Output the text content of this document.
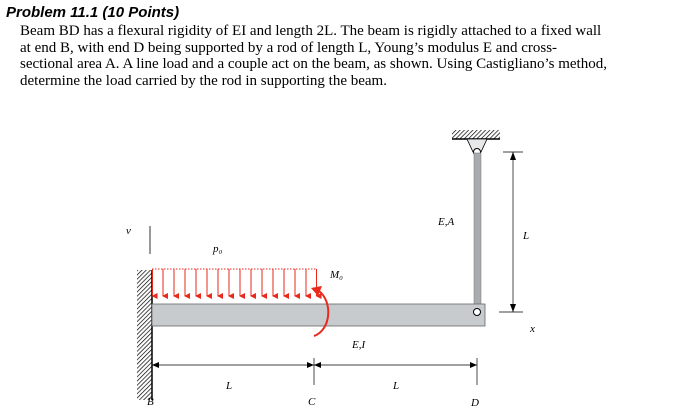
Problem 11.1 (10 Points)
Beam BD has a flexural rigidity of EI and length 2L. The beam is rigidly attached to a fixed wall
at end B, with end D being supported by a rod of length L, Young’s modulus E and cross-
sectional area A. A line load and a couple act on the beam, as shown. Using Castigliano’s method,
determine the load carried by the rod in supporting the beam.
v
p₀
M₀
E,A
E,I
x
L
L	L
B	C	D
